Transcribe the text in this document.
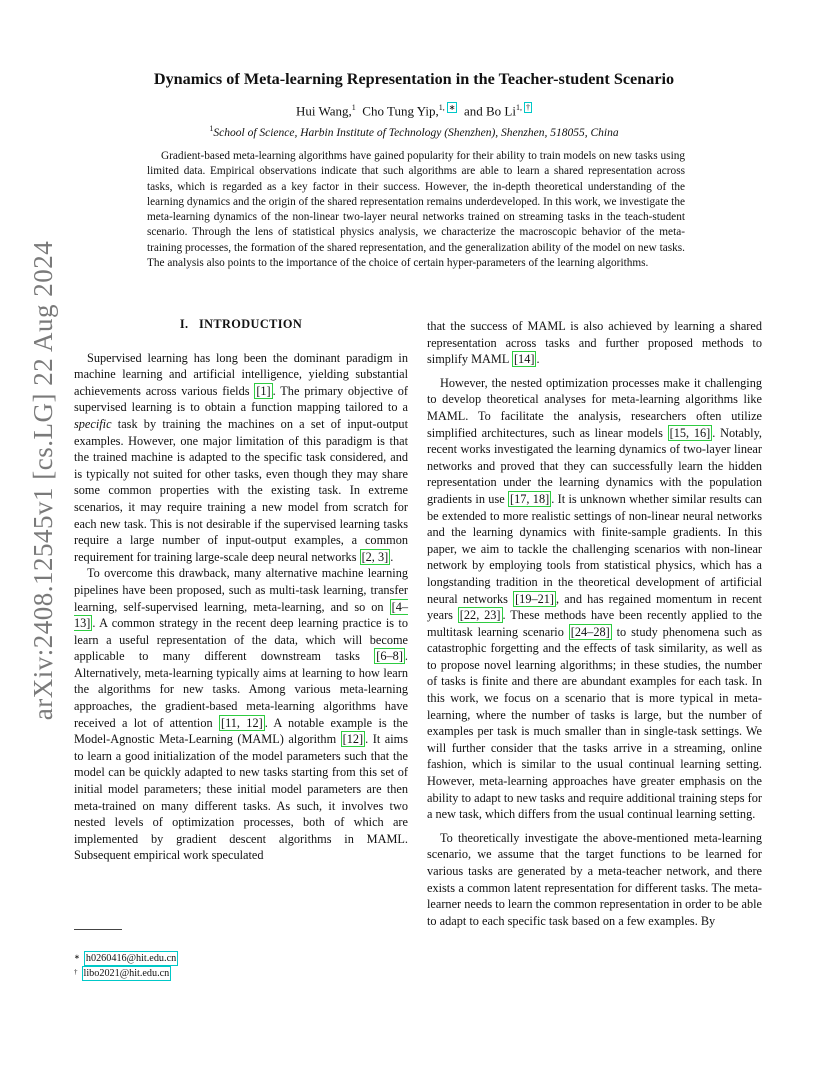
arXiv:2408.12545v1 [cs.LG] 22 Aug 2024
Dynamics of Meta-learning Representation in the Teacher-student Scenario
Hui Wang,$^1$ Cho Tung Yip,$^{1, ∗}$ and Bo $Li^{1, \dagger}$
$^1$School of Science, Harbin Institute of Technology (Shenzhen), Shenzhen, 518055, China

Gradient-based meta-learning algorithms have gained popularity for their ability to train models on new tasks using limited data. Empirical observations indicate that such algorithms are able to learn a shared representation across tasks, which is regarded as a key factor in their success. However, the in-depth theoretical understanding of the learning dynamics and the origin of the shared representation remains underdeveloped. In this work, we investigate the meta-learning dynamics of the non-linear two-layer neural networks trained on streaming tasks in the teach-student scenario. Through the lens of statistical physics analysis, we characterize the macroscopic behavior of the meta-training processes, the formation of the shared representation, and the generalization ability of the model on new tasks. The analysis also points to the importance of the choice of certain hyper-parameters of the learning algorithms.

I. INTRODUCTION

Supervised learning has long been the dominant paradigm in machine learning and artificial intelligence, yielding substantial achievements across various fields [1] . The primary objective of supervised learning is to obtain a function mapping tailored to a specific task by training the machines on a set of input-output examples. However, one major limitation of this paradigm is that the trained machine is adapted to the specific task considered, and is typically not suited for other tasks, even though they may share some common properties with the existing task. In extreme scenarios, it may require training a new model from scratch for each new task. This is not desirable if the supervised learning tasks require a large number of input-output examples, a common requirement for training large-scale deep neural networks [2, 3] .

To overcome this drawback, many alternative machine learning pipelines have been proposed, such as multi-task learning, transfer learning, self-supervised learning, meta-learning, and so on [4–13] . A common strategy in the recent deep learning practice is to learn a useful representation of the data, which will become applicable to many different downstream tasks [6–8] . Alternatively, meta-learning typically aims at learning to how learn the algorithms for new tasks. Among various meta-learning approaches, the gradient-based meta-learning algorithms have received a lot of attention [11, 12] . A notable example is the Model-Agnostic Meta-Learning (MAML) algorithm [12] . It aims to learn a good initialization of the model parameters such that the model can be quickly adapted to new tasks starting from this set of initial model parameters; these initial model parameters are then meta-trained on many different tasks. As such, it involves two nested levels of optimization processes, both of which are implemented by gradient descent algorithms in MAML. Subsequent empirical work speculated

that the success of MAML is also achieved by learning a shared representation across tasks and further proposed methods to simplify MAML [14] .

However, the nested optimization processes make it challenging to develop theoretical analyses for meta-learning algorithms like MAML. To facilitate the analysis, researchers often utilize simplified architectures, such as linear models [15, 16] . Notably, recent works investigated the learning dynamics of two-layer linear networks and proved that they can successfully learn the hidden representation under the learning dynamics with the population gradients in use [17, 18] . It is unknown whether similar results can be extended to more realistic settings of non-linear neural networks and the learning dynamics with finite-sample gradients. In this paper, we aim to tackle the challenging scenarios with non-linear network by employing tools from statistical physics, which has a longstanding tradition in the theoretical development of artificial neural networks [19–21] , and has regained momentum in recent years [22, 23] . These methods have been recently applied to the multitask learning scenario [24–28] to study phenomena such as catastrophic forgetting and the effects of task similarity, as well as to propose novel learning algorithms; in these studies, the number of tasks is finite and there are abundant examples for each task. In this work, we focus on a scenario that is more typical in meta-learning, where the number of tasks is large, but the number of examples per task is much smaller than in single-task settings. We will further consider that the tasks arrive in a streaming, online fashion, which is similar to the usual continual learning setting. However, meta-learning approaches have greater emphasis on the ability to adapt to new tasks and require additional training steps for a new task, which differs from the usual continual learning setting.

To theoretically investigate the above-mentioned meta-learning scenario, we assume that the target functions to be learned for various tasks are generated by a meta-teacher network, and there exists a common latent representation for different tasks. The meta-learner needs to learn the common representation in order to be able to adapt to each specific task based on a few examples. By

∗ h0260416@hit.edu.cn
† libo2021@hit.edu.cn
